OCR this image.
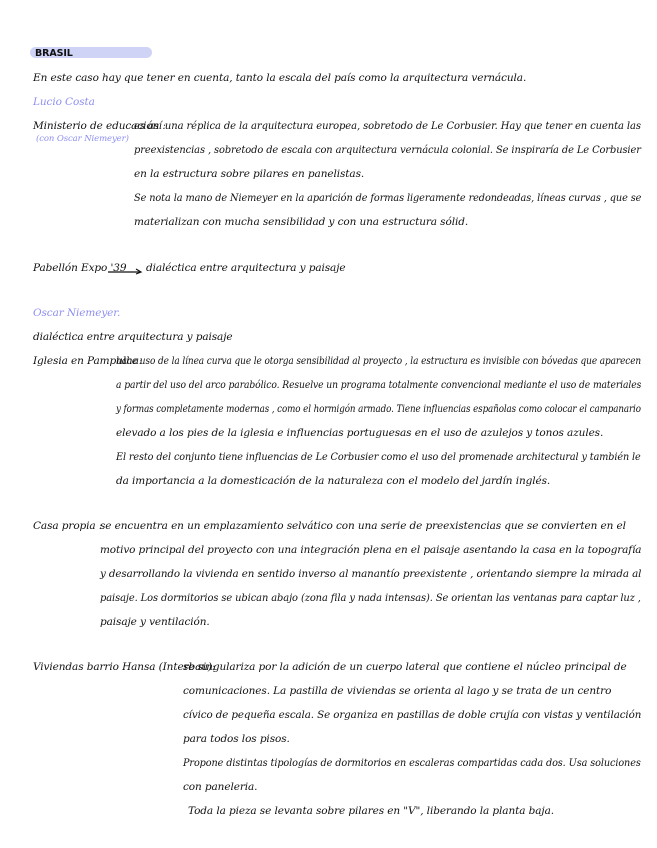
BRASIL
En este caso hay que tener en cuenta, tanto la escala del país como la arquitectura vernácula.
Lucio Costa
Ministerio de educación :
(con Oscar Niemeyer)
es así una réplica de la arquitectura europea, sobretodo de Le Corbusier. Hay que tener en cuenta las
preexistencias , sobretodo de escala con arquitectura vernácula colonial. Se inspiraría de Le Corbusier
en la estructura sobre pilares en panelistas.
Se nota la mano de Niemeyer en la aparición de formas ligeramente redondeadas, líneas curvas , que se
materializan con mucha sensibilidad y con una estructura sólid.
Pabellón Expo '39 dialéctica entre arquitectura y paisaje
Oscar Niemeyer.
dialéctica entre arquitectura y paisaje
Iglesia en Pampulha:
hace uso de la línea curva que le otorga sensibilidad al proyecto , la estructura es invisible con bóvedas que aparecen
a partir del uso del arco parabólico. Resuelve un programa totalmente convencional mediante el uso de materiales
y formas completamente modernas , como el hormigón armado. Tiene influencias españolas como colocar el campanario
elevado a los pies de la iglesia e influencias portuguesas en el uso de azulejos y tonos azules.
El resto del conjunto tiene influencias de Le Corbusier como el uso del promenade architectural y también le
da importancia a la domesticación de la naturaleza con el modelo del jardín inglés.
Casa propia :
se encuentra en un emplazamiento selvático con una serie de preexistencias que se convierten en el
motivo principal del proyecto con una integración plena en el paisaje asentando la casa en la topografía
y desarrollando la vivienda en sentido inverso al manantío preexistente , orientando siempre la mirada al
paisaje. Los dormitorios se ubican abajo (zona fila y nada intensas). Se orientan las ventanas para captar luz ,
paisaje y ventilación.
Viviendas barrio Hansa (Interbau):
se singulariza por la adición de un cuerpo lateral que contiene el núcleo principal de
comunicaciones. La pastilla de viviendas se orienta al lago y se trata de un centro
cívico de pequeña escala. Se organiza en pastillas de doble crujía con vistas y ventilación
para todos los pisos.
Propone distintas tipologías de dormitorios en escaleras compartidas cada dos. Usa soluciones
con paneleria.
Toda la pieza se levanta sobre pilares en "V", liberando la planta baja.
